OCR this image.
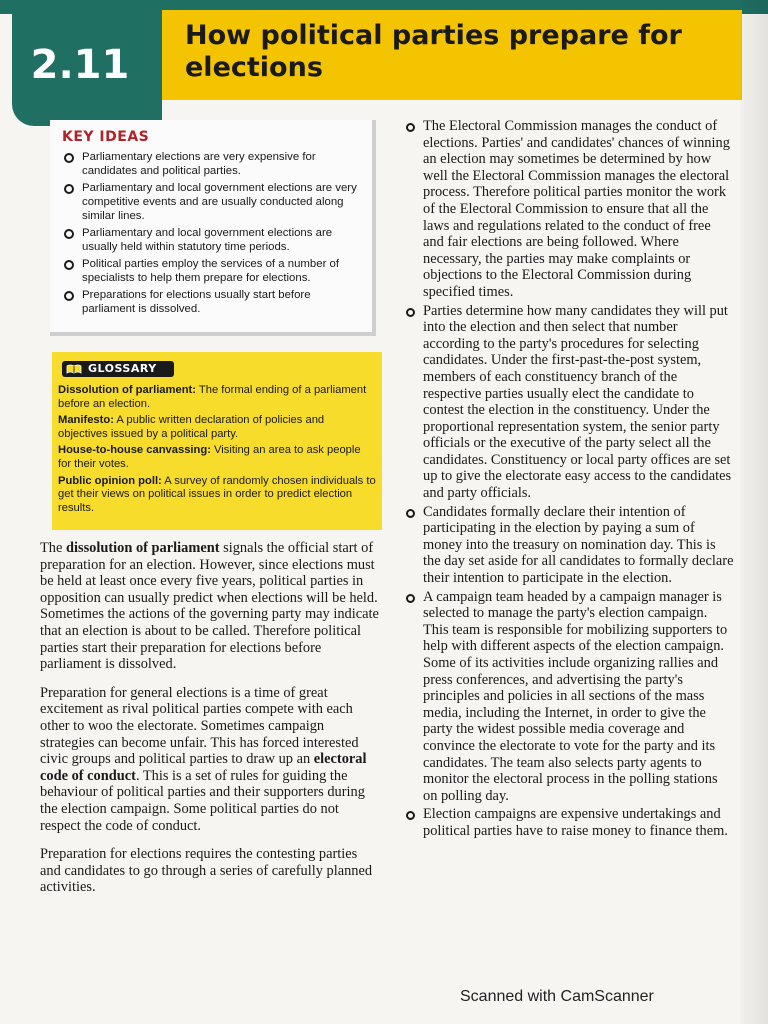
2.11
How political parties prepare for elections
KEY IDEAS
Parliamentary elections are very expensive for candidates and political parties.
Parliamentary and local government elections are very competitive events and are usually conducted along similar lines.
Parliamentary and local government elections are usually held within statutory time periods.
Political parties employ the services of a number of specialists to help them prepare for elections.
Preparations for elections usually start before parliament is dissolved.
GLOSSARY
Dissolution of parliament: The formal ending of a parliament before an election.
Manifesto: A public written declaration of policies and objectives issued by a political party.
House-to-house canvassing: Visiting an area to ask people for their votes.
Public opinion poll: A survey of randomly chosen individuals to get their views on political issues in order to predict election results.

The dissolution of parliament signals the official start of preparation for an election. However, since elections must be held at least once every five years, political parties in opposition can usually predict when elections will be held. Sometimes the actions of the governing party may indicate that an election is about to be called. Therefore political parties start their preparation for elections before parliament is dissolved.

Preparation for general elections is a time of great excitement as rival political parties compete with each other to woo the electorate. Sometimes campaign strategies can become unfair. This has forced interested civic groups and political parties to draw up an electoral code of conduct. This is a set of rules for guiding the behaviour of political parties and their supporters during the election campaign. Some political parties do not respect the code of conduct.

Preparation for elections requires the contesting parties and candidates to go through a series of carefully planned activities.

The Electoral Commission manages the conduct of elections. Parties' and candidates' chances of winning an election may sometimes be determined by how well the Electoral Commission manages the electoral process. Therefore political parties monitor the work of the Electoral Commission to ensure that all the laws and regulations related to the conduct of free and fair elections are being followed. Where necessary, the parties may make complaints or objections to the Electoral Commission during specified times.
Parties determine how many candidates they will put into the election and then select that number according to the party's procedures for selecting candidates. Under the first-past-the-post system, members of each constituency branch of the respective parties usually elect the candidate to contest the election in the constituency. Under the proportional representation system, the senior party officials or the executive of the party select all the candidates. Constituency or local party offices are set up to give the electorate easy access to the candidates and party officials.
Candidates formally declare their intention of participating in the election by paying a sum of money into the treasury on nomination day. This is the day set aside for all candidates to formally declare their intention to participate in the election.
A campaign team headed by a campaign manager is selected to manage the party's election campaign. This team is responsible for mobilizing supporters to help with different aspects of the election campaign. Some of its activities include organizing rallies and press conferences, and advertising the party's principles and policies in all sections of the mass media, including the Internet, in order to give the party the widest possible media coverage and convince the electorate to vote for the party and its candidates. The team also selects party agents to monitor the electoral process in the polling stations on polling day.
Election campaigns are expensive undertakings and political parties have to raise money to finance them.
Scanned with CamScanner
